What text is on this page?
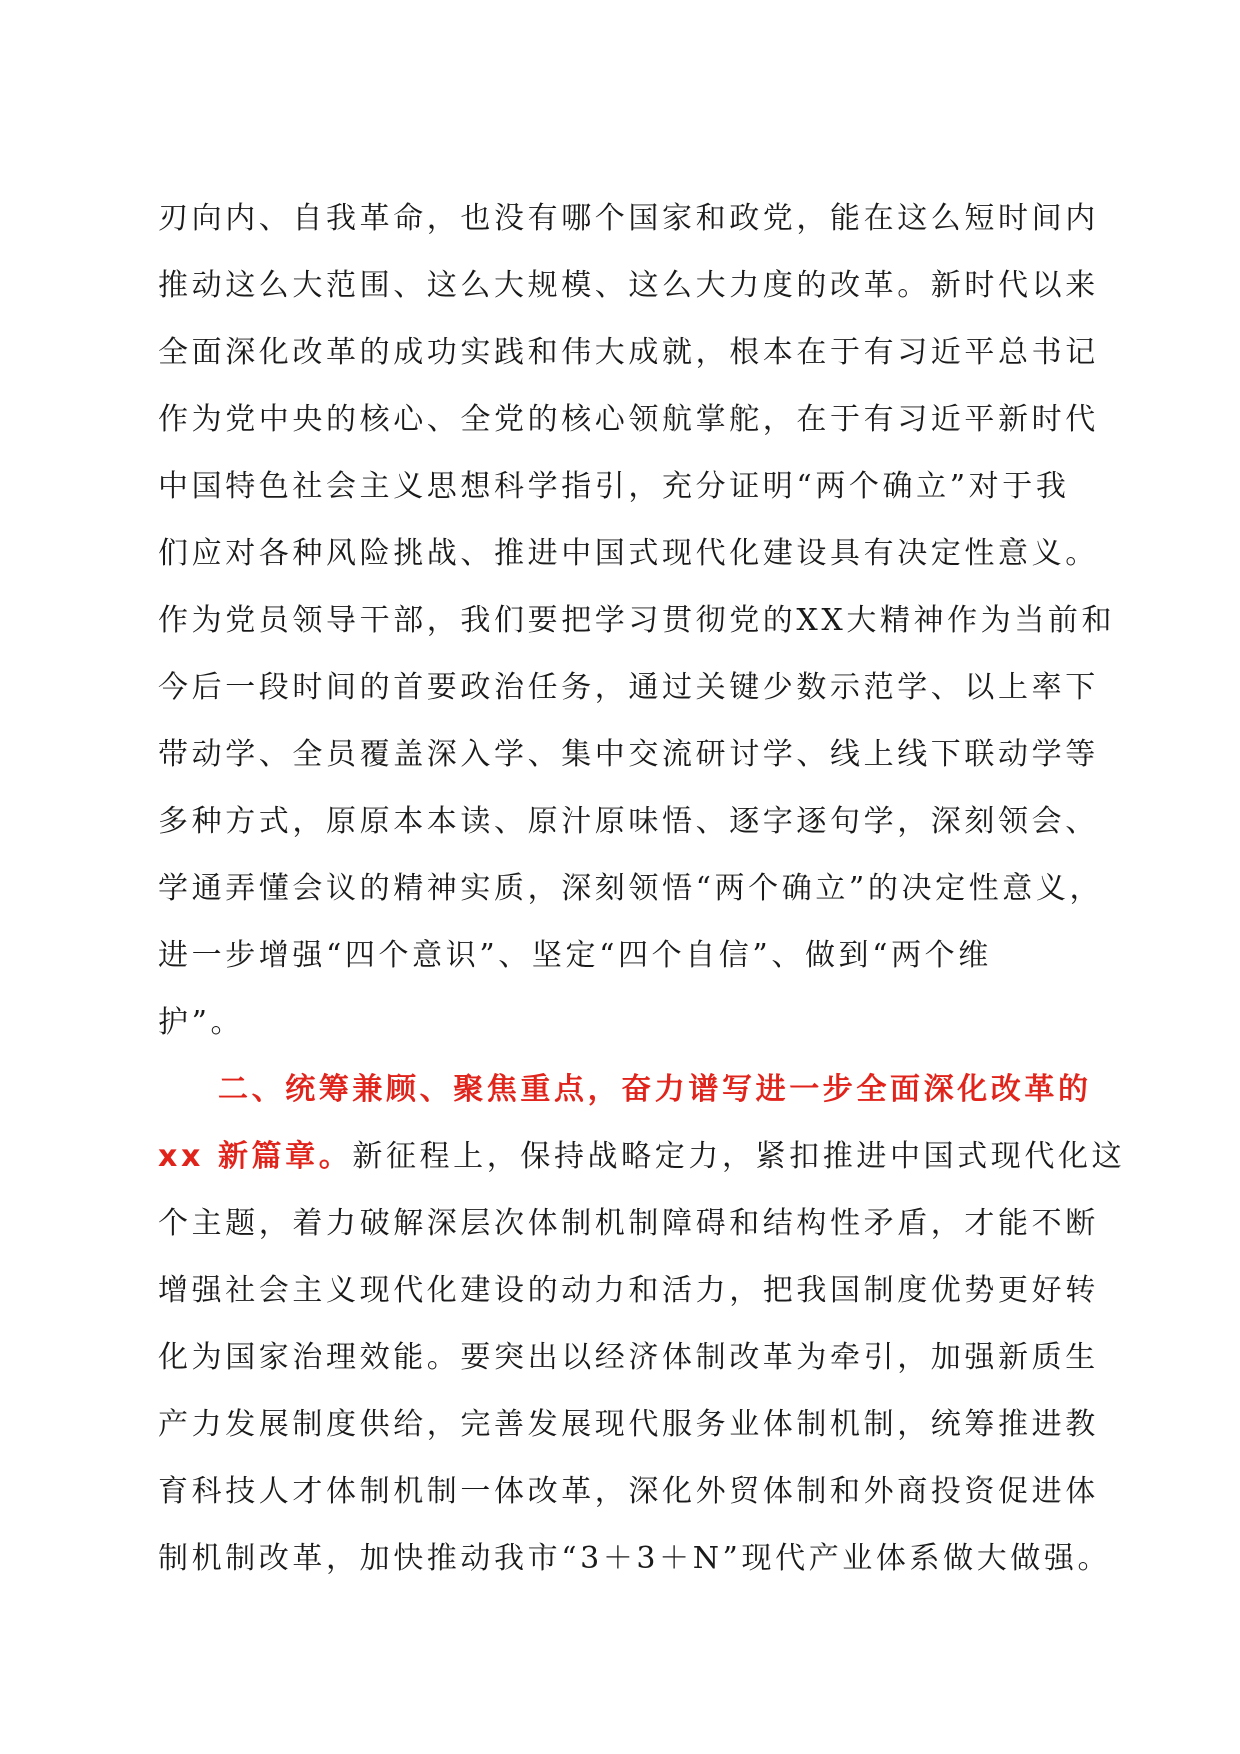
刃向内、自我革命，也没有哪个国家和政党，能在这么短时间内

推动这么大范围、这么大规模、这么大力度的改革。新时代以来

全面深化改革的成功实践和伟大成就，根本在于有习近平总书记

作为党中央的核心、全党的核心领航掌舵，在于有习近平新时代

中国特色社会主义思想科学指引，充分证明“两个确立”对于我

们应对各种风险挑战、推进中国式现代化建设具有决定性意义。

作为党员领导干部，我们要把学习贯彻党的XX大精神作为当前和

今后一段时间的首要政治任务，通过关键少数示范学、以上率下

带动学、全员覆盖深入学、集中交流研讨学、线上线下联动学等

多种方式，原原本本读、原汁原味悟、逐字逐句学，深刻领会、

学通弄懂会议的精神实质，深刻领悟“两个确立”的决定性意义，

进一步增强“四个意识”、坚定“四个自信”、做到“两个维

护”。

二、统筹兼顾、聚焦重点，奋力谱写进一步全面深化改革的

xx 新篇章。新征程上，保持战略定力，紧扣推进中国式现代化这

个主题，着力破解深层次体制机制障碍和结构性矛盾，才能不断

增强社会主义现代化建设的动力和活力，把我国制度优势更好转

化为国家治理效能。要突出以经济体制改革为牵引，加强新质生

产力发展制度供给，完善发展现代服务业体制机制，统筹推进教

育科技人才体制机制一体改革，深化外贸体制和外商投资促进体

制机制改革，加快推动我市“3＋3＋N”现代产业体系做大做强。
